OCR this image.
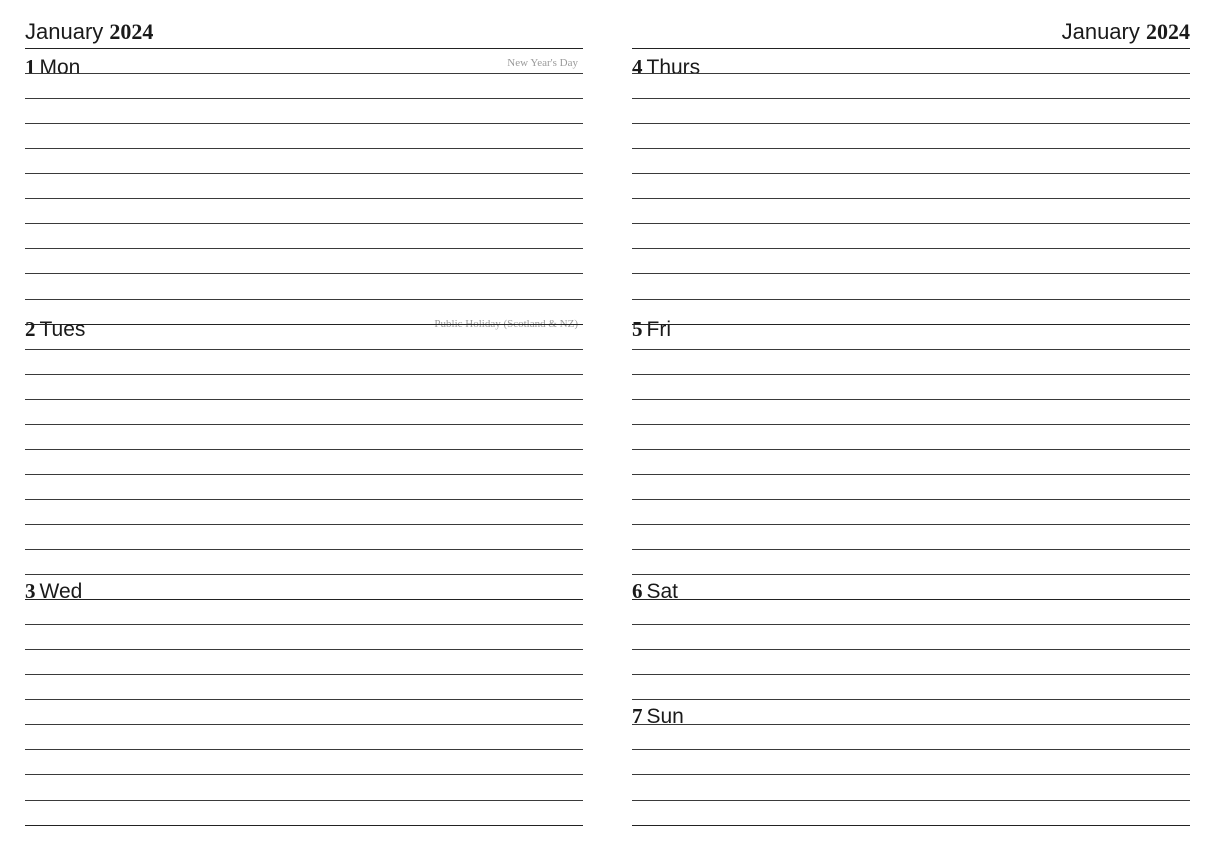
January 2024
1 Mon	New Year's Day
2 Tues	Public Holiday (Scotland & NZ)
3 Wed
January 2024
4 Thurs
5 Fri
6 Sat
7 Sun
